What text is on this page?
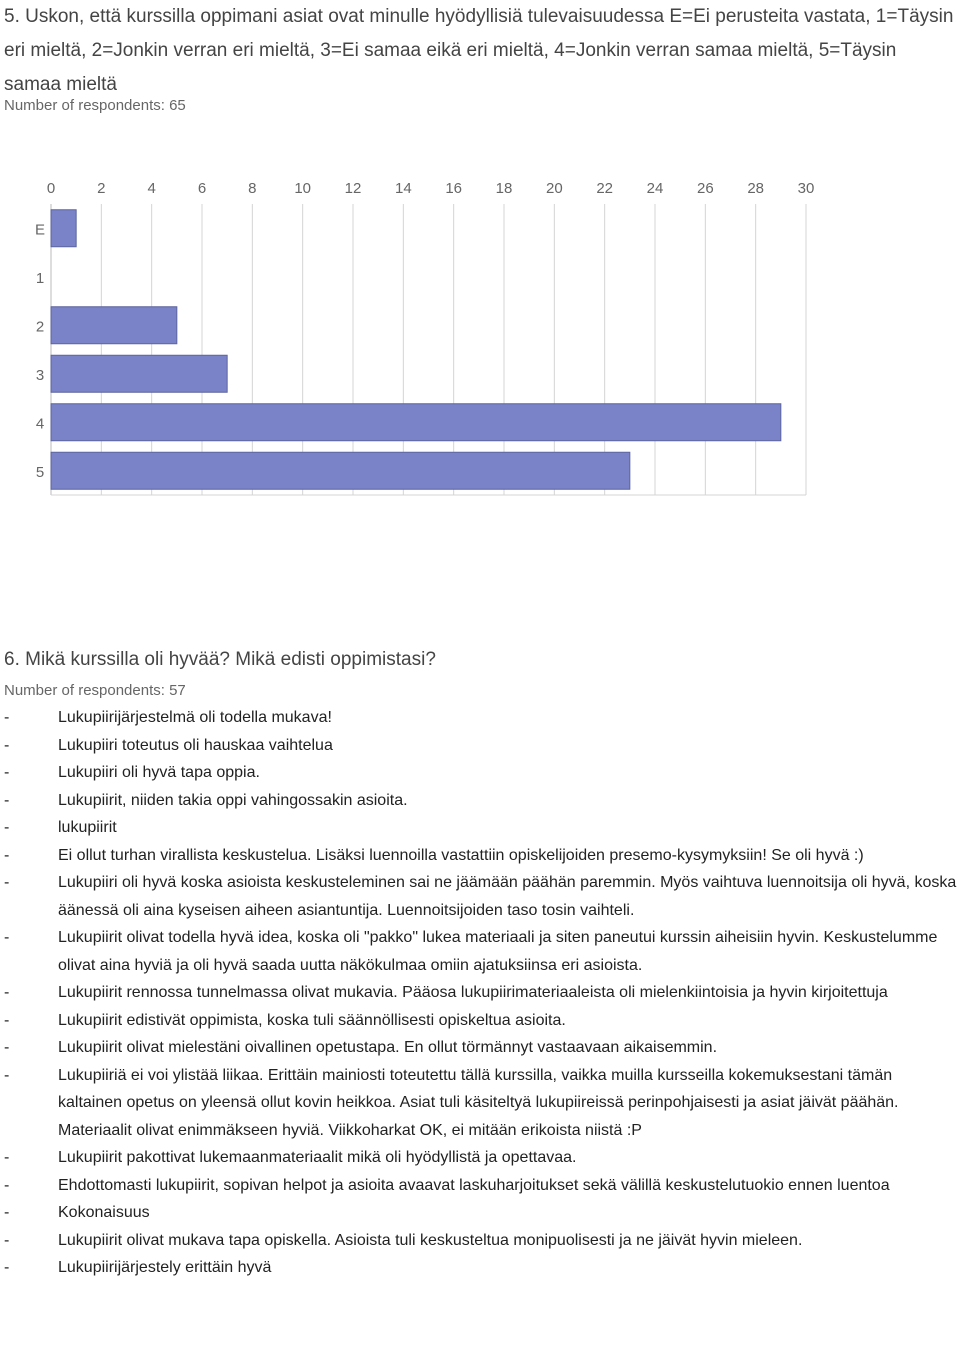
5. Uskon, että kurssilla oppimani asiat ovat minulle hyödyllisiä tulevaisuudessa E=Ei perusteita vastata, 1=Täysin eri mieltä, 2=Jonkin verran eri mieltä, 3=Ei samaa eikä eri mieltä, 4=Jonkin verran samaa mieltä, 5=Täysin samaa mieltä
Number of respondents: 65
0	2	4	6	8	10 12 14 16 18 20 22 24 26 28 30
E
1
2
3
4
5
6. Mikä kurssilla oli hyvää? Mikä edisti oppimistasi?
Number of respondents: 57
-	Lukupiirijärjestelmä oli todella mukava!
-	Lukupiiri toteutus oli hauskaa vaihtelua
-	Lukupiiri oli hyvä tapa oppia.
-	Lukupiirit, niiden takia oppi vahingossakin asioita.
-	lukupiirit
-	Ei ollut turhan virallista keskustelua. Lisäksi luennoilla vastattiin opiskelijoiden presemo-kysymyksiin! Se oli hyvä :)
-	Lukupiiri oli hyvä koska asioista keskusteleminen sai ne jäämään päähän paremmin. Myös vaihtuva luennoitsija oli hyvä, koska äänessä oli aina kyseisen aiheen asiantuntija. Luennoitsijoiden taso tosin vaihteli.
-	Lukupiirit olivat todella hyvä idea, koska oli "pakko" lukea materiaali ja siten paneutui kurssin aiheisiin hyvin. Keskustelumme olivat aina hyviä ja oli hyvä saada uutta näkökulmaa omiin ajatuksiinsa eri asioista.
-	Lukupiirit rennossa tunnelmassa olivat mukavia. Pääosa lukupiirimateriaaleista oli mielenkiintoisia ja hyvin kirjoitettuja
-	Lukupiirit edistivät oppimista, koska tuli säännöllisesti opiskeltua asioita.
-	Lukupiirit olivat mielestäni oivallinen opetustapa. En ollut törmännyt vastaavaan aikaisemmin.
-	Lukupiiriä ei voi ylistää liikaa. Erittäin mainiosti toteutettu tällä kurssilla, vaikka muilla kursseilla kokemuksestani tämän kaltainen opetus on yleensä ollut kovin heikkoa. Asiat tuli käsiteltyä lukupiireissä perinpohjaisesti ja asiat jäivät päähän. Materiaalit olivat enimmäkseen hyviä. Viikkoharkat OK, ei mitään erikoista niistä :P
-	Lukupiirit pakottivat lukemaanmateriaalit mikä oli hyödyllistä ja opettavaa.
-	Ehdottomasti lukupiirit, sopivan helpot ja asioita avaavat laskuharjoitukset sekä välillä keskustelutuokio ennen luentoa
-	Kokonaisuus
-	Lukupiirit olivat mukava tapa opiskella. Asioista tuli keskusteltua monipuolisesti ja ne jäivät hyvin mieleen.
-	Lukupiirijärjestely erittäin hyvä
